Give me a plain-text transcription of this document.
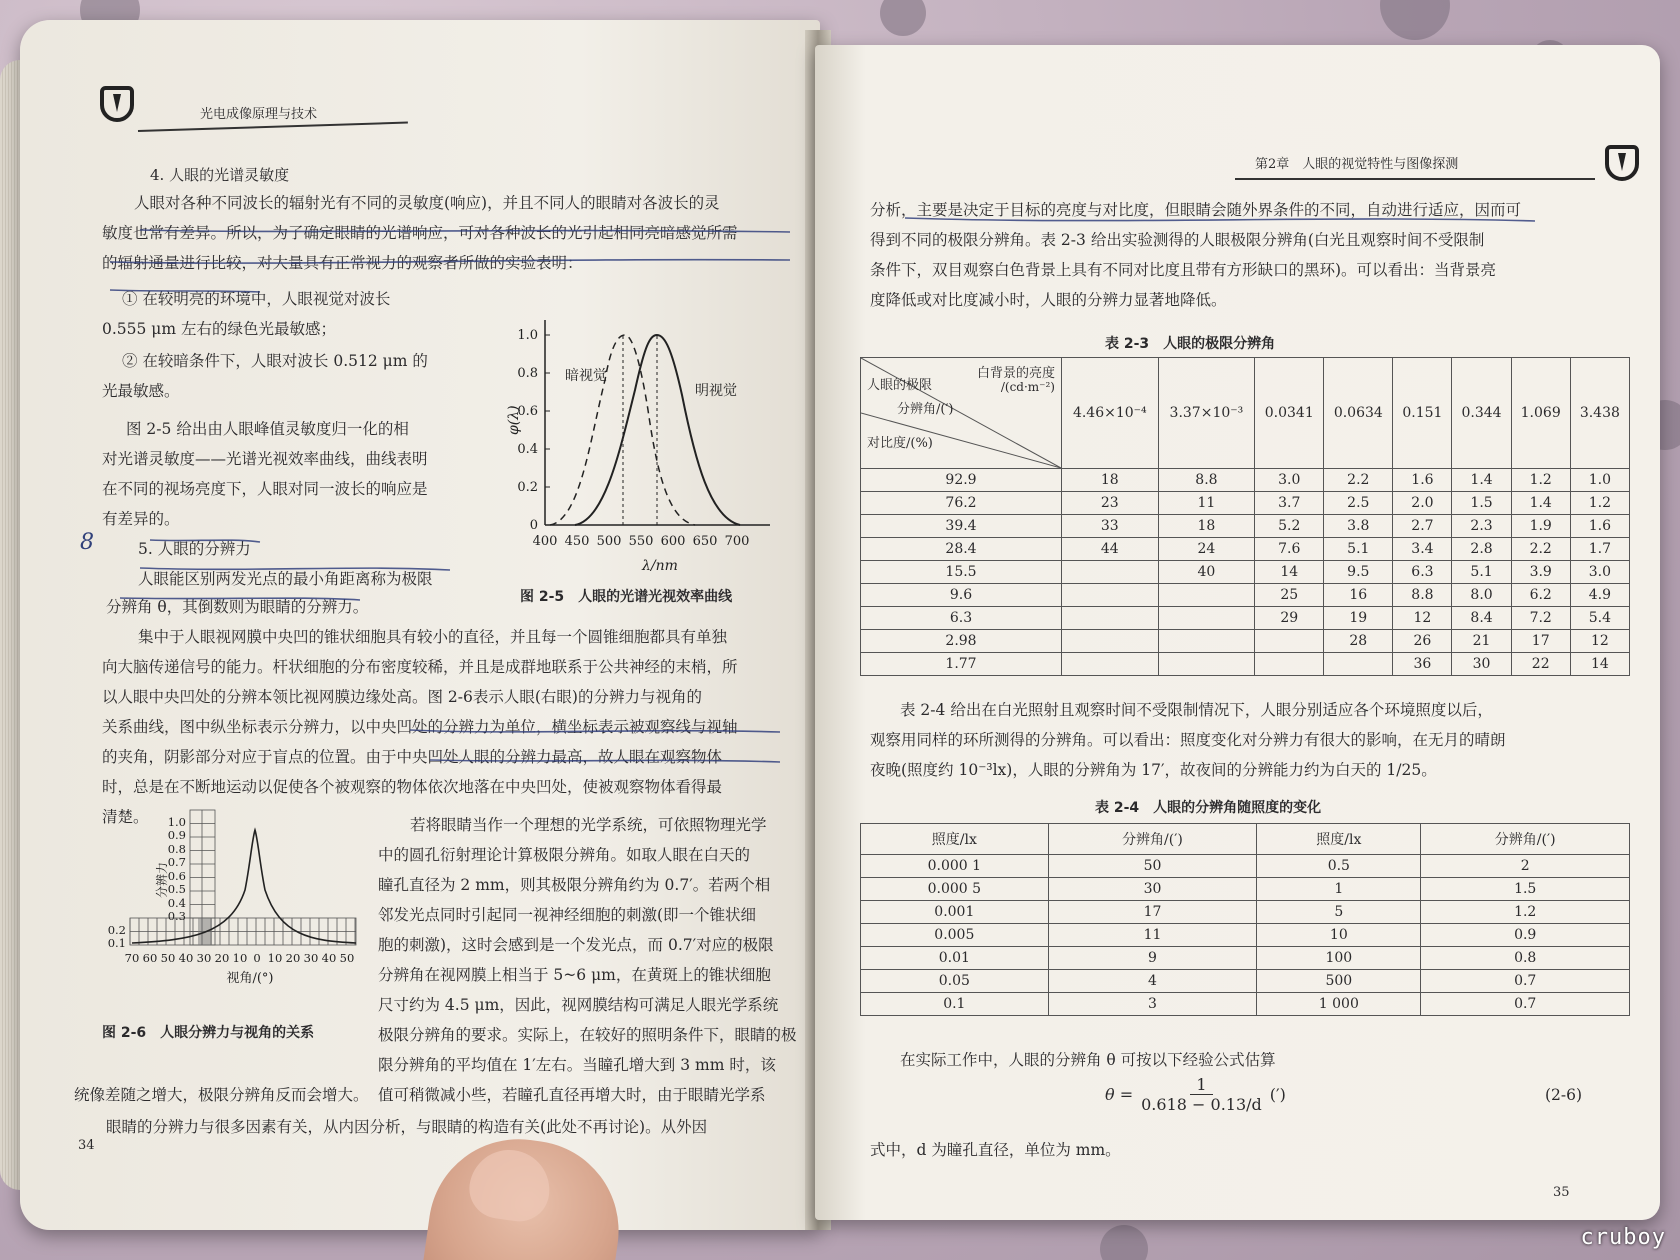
光电成像原理与技术
4. 人眼的光谱灵敏度
人眼对各种不同波长的辐射光有不同的灵敏度(响应)，并且不同人的眼睛对各波长的灵
敏度也常有差异。所以，为了确定眼睛的光谱响应，可对各种波长的光引起相同亮暗感觉所需
的辐射通量进行比较，对大量具有正常视力的观察者所做的实验表明：
① 在较明亮的环境中，人眼视觉对波长
0.555 μm 左右的绿色光最敏感；
② 在较暗条件下，人眼对波长 0.512 μm 的
光最敏感。
图 2-5 给出由人眼峰值灵敏度归一化的相
对光谱灵敏度——光谱光视效率曲线，曲线表明
在不同的视场亮度下，人眼对同一波长的响应是
有差异的。
8	5. 人眼的分辨力
人眼能区别两发光点的最小角距离称为极限
分辨角 θ，其倒数则为眼睛的分辨力。
0
0.2
0.4
0.6
0.8
1.0
400 450 500 550 600 650 700
暗视觉
明视觉
φ(λ)
λ/nm
图 2-5　人眼的光谱光视效率曲线
集中于人眼视网膜中央凹的锥状细胞具有较小的直径，并且每一个圆锥细胞都具有单独
向大脑传递信号的能力。杆状细胞的分布密度较稀，并且是成群地联系于公共神经的末梢，所
以人眼中央凹处的分辨本领比视网膜边缘处高。图 2-6表示人眼(右眼)的分辨力与视角的
关系曲线，图中纵坐标表示分辨力，以中央凹处的分辨力为单位，横坐标表示被观察线与视轴
的夹角，阴影部分对应于盲点的位置。由于中央凹处人眼的分辨力最高，故人眼在观察物体
时，总是在不断地运动以促使各个被观察的物体依次地落在中央凹处，使被观察物体看得最
清楚。
0.1
0.2
0.3
0.4
0.5
0.6
0.7
0.8
0.9
1.0
70 60 50 40 30 20 10 0 10 20 30 40 50
分辨力
视角/(°)
图 2-6　人眼分辨力与视角的关系
若将眼睛当作一个理想的光学系统，可依照物理光学
中的圆孔衍射理论计算极限分辨角。如取人眼在白天的
瞳孔直径为 2 mm，则其极限分辨角约为 0.7′。若两个相
邻发光点同时引起同一视神经细胞的刺激(即一个锥状细
胞的刺激)，这时会感到是一个发光点，而 0.7′对应的极限
分辨角在视网膜上相当于 5~6 μm，在黄斑上的锥状细胞
尺寸约为 4.5 μm，因此，视网膜结构可满足人眼光学系统
极限分辨角的要求。实际上，在较好的照明条件下，眼睛的极
限分辨角的平均值在 1′左右。当瞳孔增大到 3 mm 时，该
值可稍微减小些，若瞳孔直径再增大时，由于眼睛光学系
统像差随之增大，极限分辨角反而会增大。
眼睛的分辨力与很多因素有关，从内因分析，与眼睛的构造有关(此处不再讨论)。从外因
34
第2章　人眼的视觉特性与图像探测
分析，主要是决定于目标的亮度与对比度，但眼睛会随外界条件的不同，自动进行适应，因而可
得到不同的极限分辨角。表 2-3 给出实验测得的人眼极限分辨角(白光且观察时间不受限制
条件下，双目观察白色背景上具有不同对比度且带有方形缺口的黑环)。可以看出：当背景亮
度降低或对比度减小时，人眼的分辨力显著地降低。
表 2-3　人眼的极限分辨角
白背景的亮度
/(cd·m⁻²)
人眼的极限
分辨角/(′)
对比度/(%)	4.46×10⁻⁴	3.37×10⁻³	0.0341	0.0634	0.151	0.344	1.069	3.438
92.9	18	8.8	3.0	2.2	1.6	1.4	1.2	1.0
76.2	23	11	3.7	2.5	2.0	1.5	1.4	1.2
39.4	33	18	5.2	3.8	2.7	2.3	1.9	1.6
28.4	44	24	7.6	5.1	3.4	2.8	2.2	1.7
15.5		40	14	9.5	6.3	5.1	3.9	3.0
9.6			25	16	8.8	8.0	6.2	4.9
6.3			29	19	12	8.4	7.2	5.4
2.98				28	26	21	17	12
1.77					36	30	22	14
表 2-4 给出在白光照射且观察时间不受限制情况下，人眼分别适应各个环境照度以后，
观察用同样的环所测得的分辨角。可以看出：照度变化对分辨力有很大的影响，在无月的晴朗
夜晚(照度约 10⁻³lx)，人眼的分辨角为 17′，故夜间的分辨能力约为白天的 1/25。
表 2-4　人眼的分辨角随照度的变化
照度/lx	分辨角/(′)	照度/lx	分辨角/(′)
0.000 1	50	0.5	2
0.000 5	30	1	1.5
0.001	17	5	1.2
0.005	11	10	0.9
0.01	9	100	0.8
0.05	4	500	0.7
0.1	3	1 000	0.7
在实际工作中，人眼的分辨角 θ 可按以下经验公式估算
$\theta = \frac{1}{0.618 - 0.13/d}$ (′)	(2-6)
式中，d 为瞳孔直径，单位为 mm。
35
cruboy
